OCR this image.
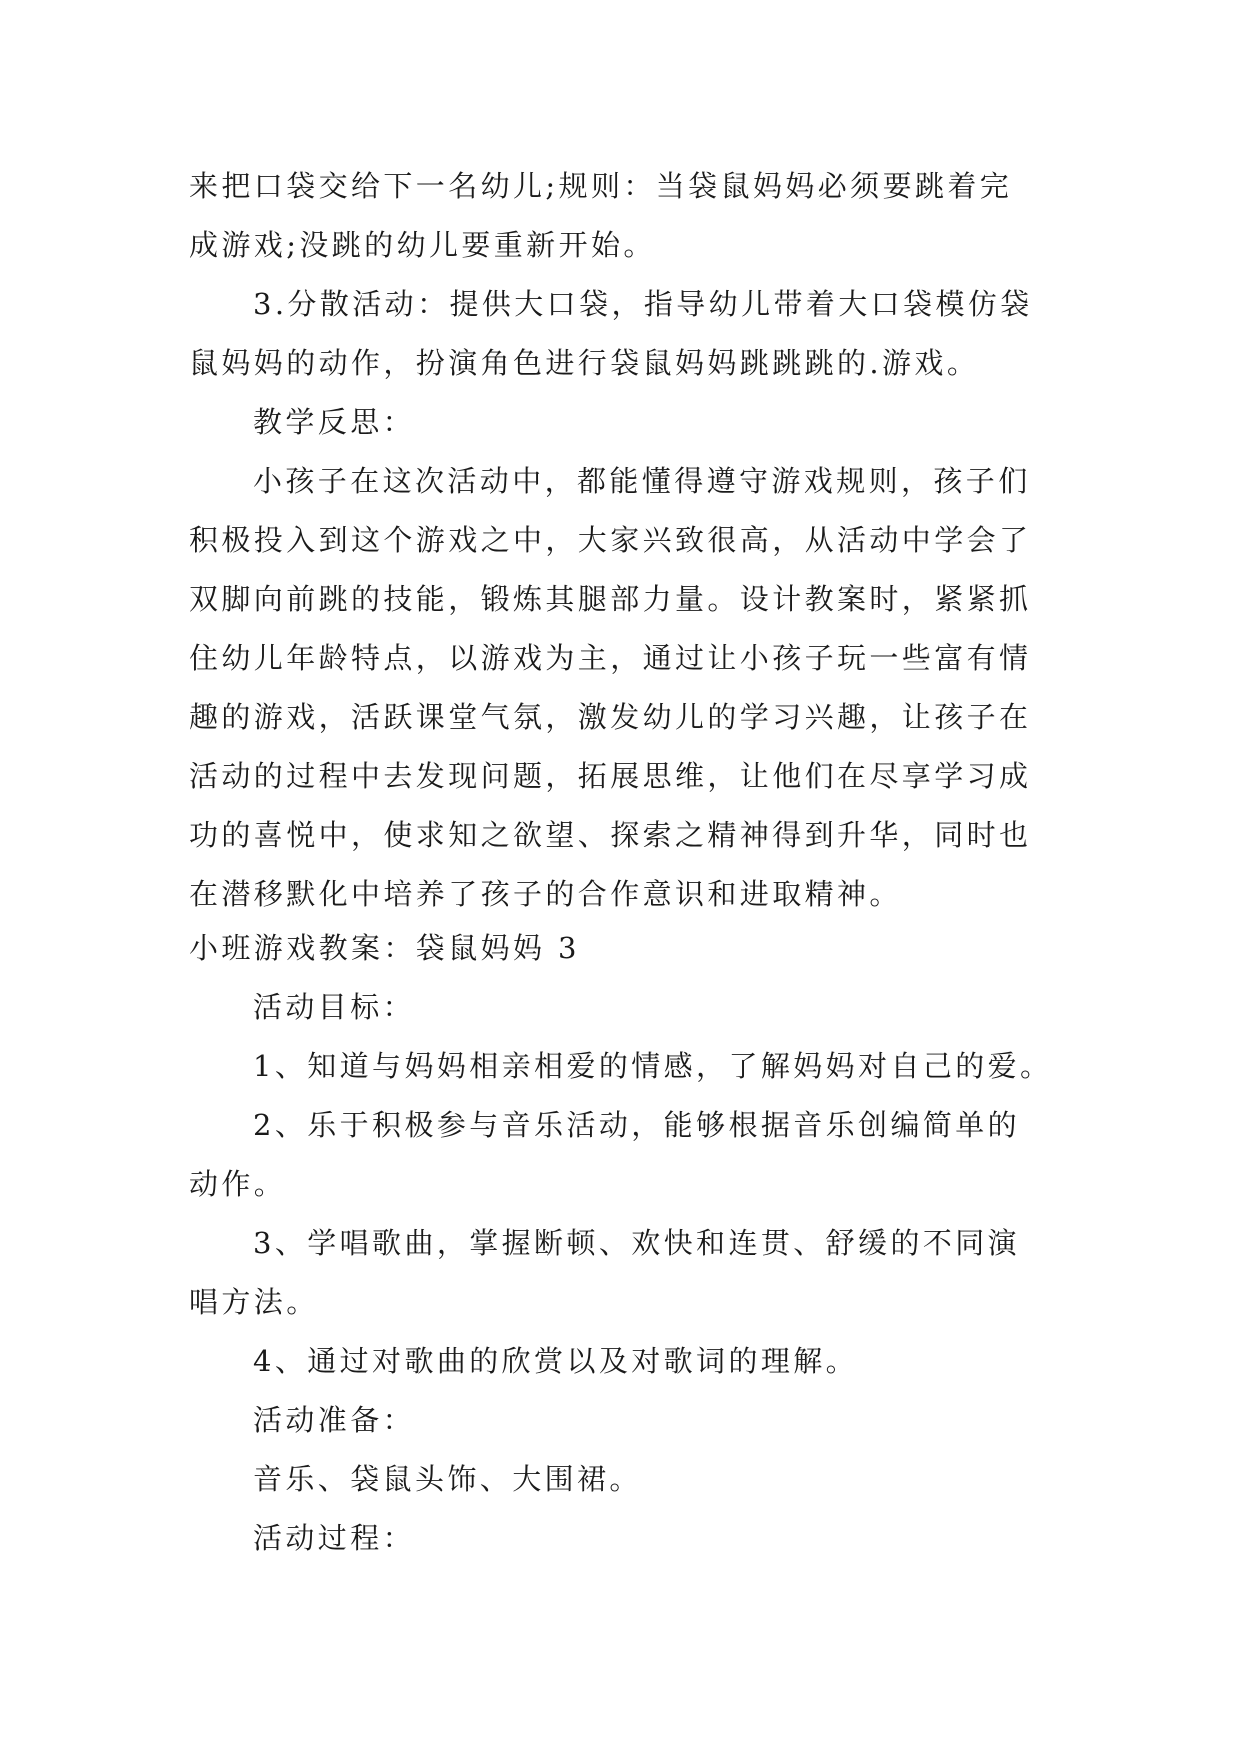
来把口袋交给下一名幼儿;规则：当袋鼠妈妈必须要跳着完
成游戏;没跳的幼儿要重新开始。
3.分散活动：提供大口袋，指导幼儿带着大口袋模仿袋
鼠妈妈的动作，扮演角色进行袋鼠妈妈跳跳跳的.游戏。
教学反思：
小孩子在这次活动中，都能懂得遵守游戏规则，孩子们
积极投入到这个游戏之中，大家兴致很高，从活动中学会了
双脚向前跳的技能，锻炼其腿部力量。设计教案时，紧紧抓
住幼儿年龄特点，以游戏为主，通过让小孩子玩一些富有情
趣的游戏，活跃课堂气氛，激发幼儿的学习兴趣，让孩子在
活动的过程中去发现问题，拓展思维，让他们在尽享学习成
功的喜悦中，使求知之欲望、探索之精神得到升华，同时也
在潜移默化中培养了孩子的合作意识和进取精神。
小班游戏教案：袋鼠妈妈 3
活动目标：
1、知道与妈妈相亲相爱的情感，了解妈妈对自己的爱。
2、乐于积极参与音乐活动，能够根据音乐创编简单的
动作。
3、学唱歌曲，掌握断顿、欢快和连贯、舒缓的不同演
唱方法。
4、通过对歌曲的欣赏以及对歌词的理解。
活动准备：
音乐、袋鼠头饰、大围裙。
活动过程：
